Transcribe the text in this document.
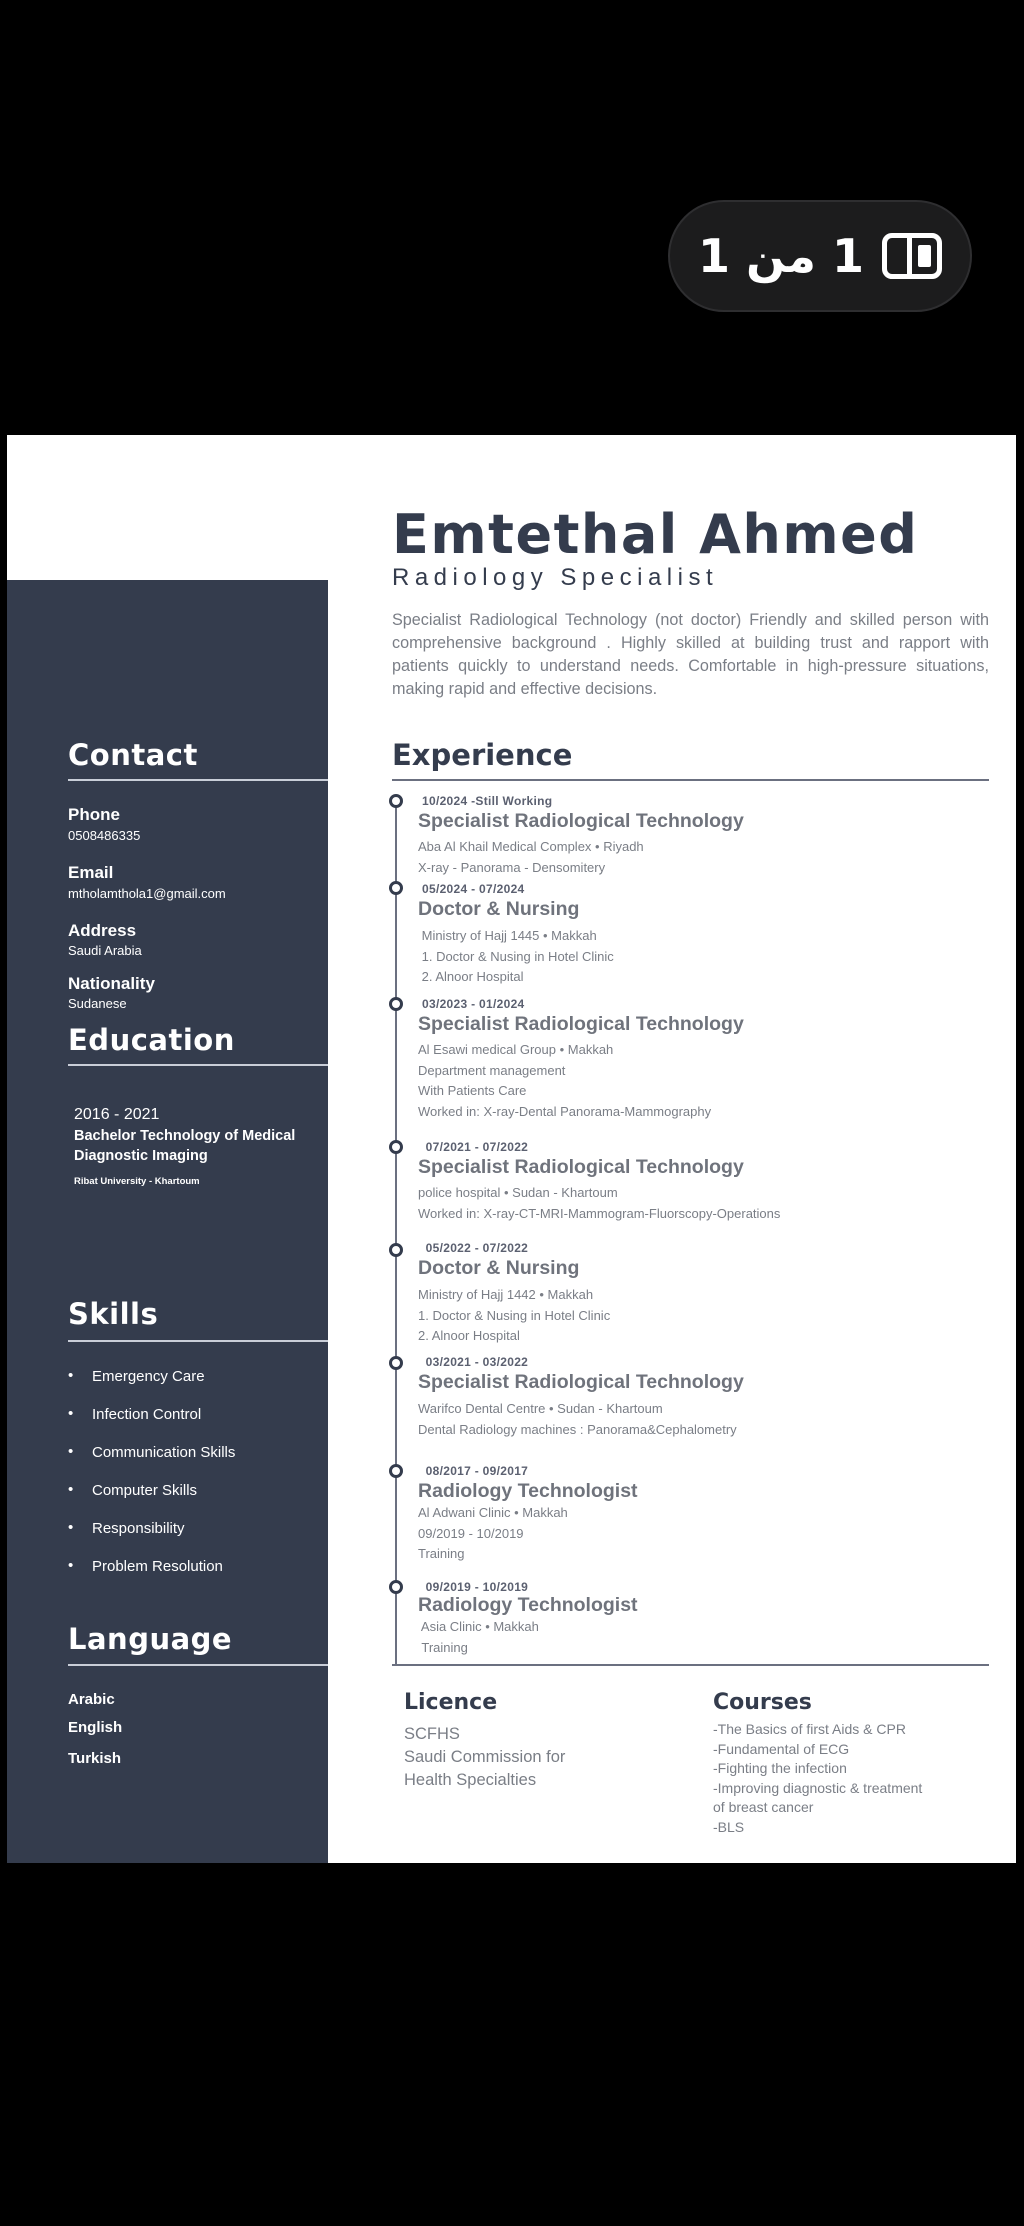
1 من 1
Contact
Phone
0508486335
Email
mtholamthola1@gmail.com
Address
Saudi Arabia
Nationality
Sudanese
Education
2016 - 2021
Bachelor Technology of Medical
Diagnostic Imaging
Ribat University - Khartoum
Skills
• Emergency Care
• Infection Control
• Communication Skills
• Computer Skills
• Responsibility
• Problem Resolution
Language
Arabic
English
Turkish
Emtethal Ahmed
Radiology Specialist
Specialist Radiological Technology (not doctor) Friendly and skilled person with comprehensive background . Highly skilled at building trust and rapport with patients quickly to understand needs. Comfortable in high-pressure situations, making rapid and effective decisions.
Experience
10/2024 -Still Working
Specialist Radiological Technology
Aba Al Khail Medical Complex • Riyadh
X-ray - Panorama - Densomitery
05/2024 - 07/2024
Doctor & Nursing
Ministry of Hajj 1445 • Makkah
1. Doctor & Nusing in Hotel Clinic
2. Alnoor Hospital
03/2023 - 01/2024
Specialist Radiological Technology
Al Esawi medical Group • Makkah
Department management
With Patients Care
Worked in: X-ray-Dental Panorama-Mammography
07/2021 - 07/2022
Specialist Radiological Technology
police hospital • Sudan - Khartoum
Worked in: X-ray-CT-MRI-Mammogram-Fluorscopy-Operations
05/2022 - 07/2022
Doctor & Nursing
Ministry of Hajj 1442 • Makkah
1. Doctor & Nusing in Hotel Clinic
2. Alnoor Hospital
03/2021 - 03/2022
Specialist Radiological Technology
Warifco Dental Centre • Sudan - Khartoum
Dental Radiology machines : Panorama&Cephalometry
08/2017 - 09/2017
Radiology Technologist
Al Adwani Clinic • Makkah
09/2019 - 10/2019
Training
09/2019 - 10/2019
Radiology Technologist
Asia Clinic • Makkah
Training
Licence
SCFHS
Saudi Commission for
Health Specialties
Courses
-The Basics of first Aids & CPR
-Fundamental of ECG
-Fighting the infection
-Improving diagnostic & treatment
of breast cancer
-BLS
